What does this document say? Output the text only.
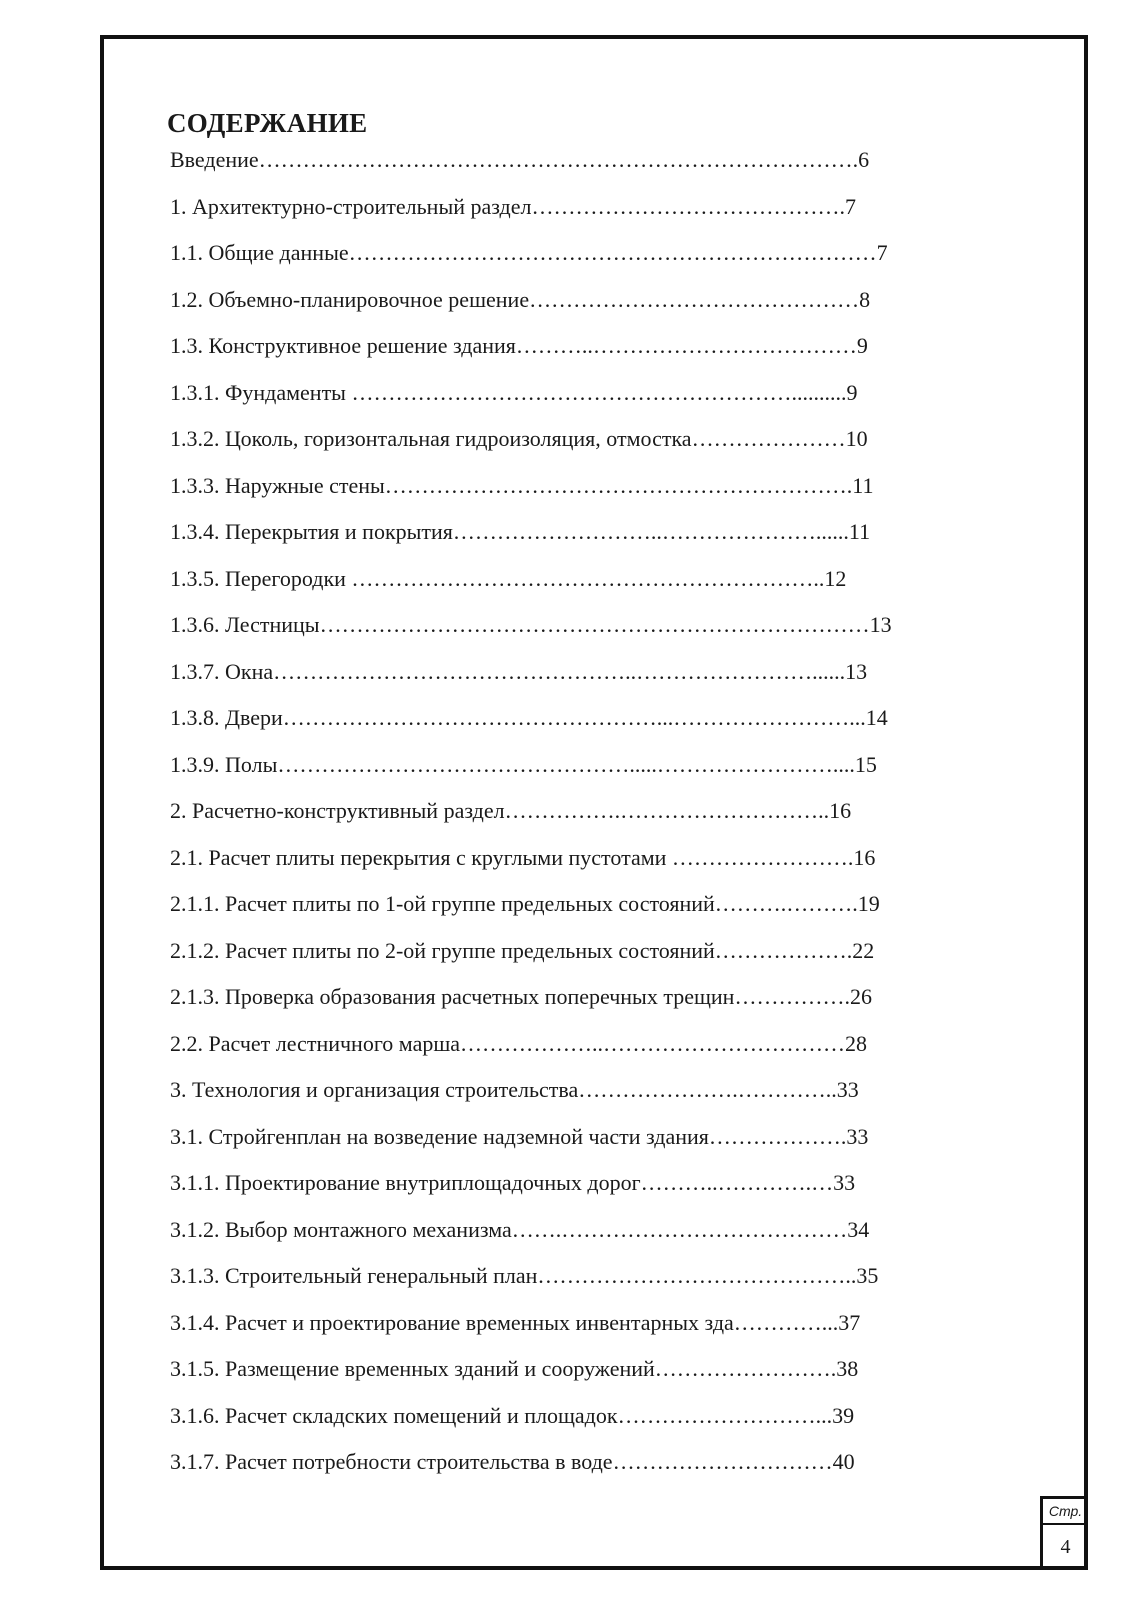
СОДЕРЖАНИЕ
Введение……………………………………………………………………….6
1. Архитектурно-строительный раздел…………………………………….7
1.1. Общие данные………………………………………………………………7
1.2. Объемно-планировочное решение………………………………………8
1.3. Конструктивное решение здания………..………………………………9
1.3.1. Фундаменты ……………………………………………………..........9
1.3.2. Цоколь, горизонтальная гидроизоляция, отмостка…………………10
1.3.3. Наружные стены……………………………………………………….11
1.3.4. Перекрытия и покрытия………………………..…………………......11
1.3.5. Перегородки ………………………………………………………..12
1.3.6. Лестницы…………………………………………………………………13
1.3.7. Окна…………………………………………..……………………......13
1.3.8. Двери……………………………………………...……………………...14
1.3.9. Полы………………………………………….....……………………....15
2. Расчетно-конструктивный раздел…………….………………………..16
2.1. Расчет плиты перекрытия с круглыми пустотами …………………….16
2.1.1. Расчет плиты по 1-ой группе предельных состояний……….……….19
2.1.2. Расчет плиты по 2-ой группе предельных состояний……………….22
2.1.3. Проверка образования расчетных поперечных трещин…………….26
2.2. Расчет лестничного марша………………..……………………………28
3. Технология и организация строительства………………….…………..33
3.1. Стройгенплан на возведение надземной части здания……………….33
3.1.1. Проектирование внутриплощадочных дорог………..………….…33
3.1.2. Выбор монтажного механизма…….…………………………………34
3.1.3. Строительный генеральный план……………………………………..35
3.1.4. Расчет и проектирование временных инвентарных зда…………...37
3.1.5. Размещение временных зданий и сооружений…………………….38
3.1.6. Расчет складских помещений и площадок………………………...39
3.1.7. Расчет потребности строительства в воде…………………………40
Стр.
4
